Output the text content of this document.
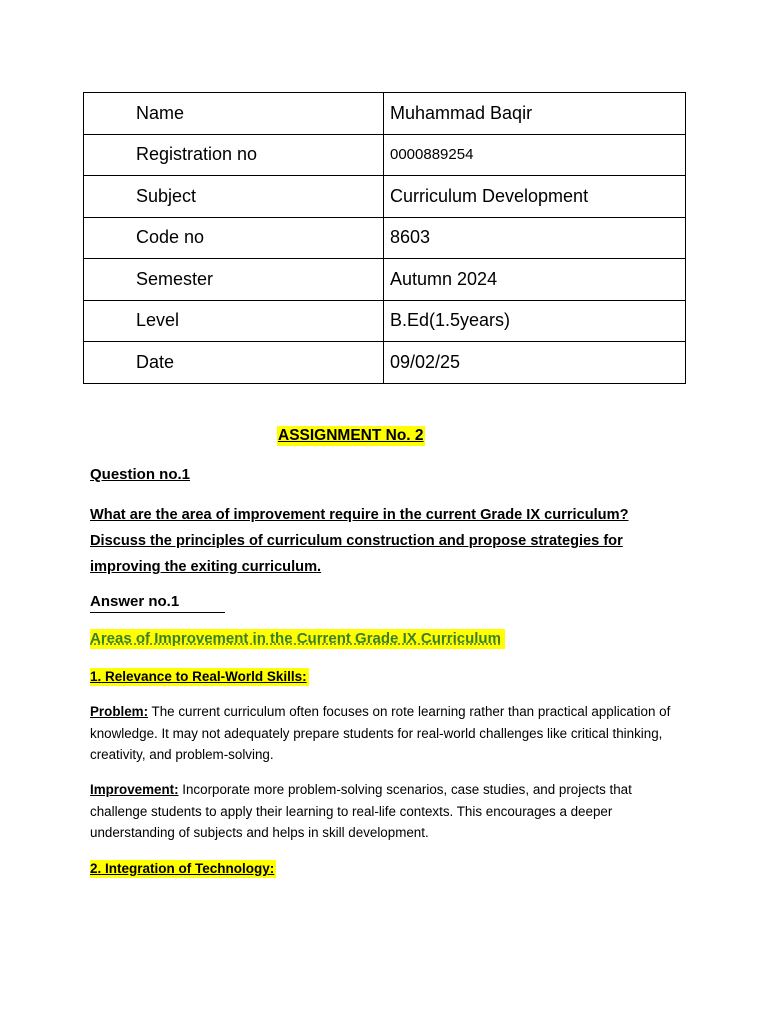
Name	Muhammad Baqir
Registration no	0000889254
Subject	Curriculum Development
Code no	8603
Semester	Autumn 2024
Level	B.Ed(1.5years)
Date	09/02/25
ASSIGNMENT No. 2
Question no.1
What are the area of improvement require in the current Grade IX curriculum?
Discuss the principles of curriculum construction and propose strategies for
improving the exiting curriculum.
Answer no.1
Areas of Improvement in the Current Grade IX Curriculum
1. Relevance to Real-World Skills:
Problem: The current curriculum often focuses on rote learning rather than practical application of knowledge. It may not adequately prepare students for real-world challenges like critical thinking, creativity, and problem-solving.
Improvement: Incorporate more problem-solving scenarios, case studies, and projects that challenge students to apply their learning to real-life contexts. This encourages a deeper understanding of subjects and helps in skill development.
2. Integration of Technology:
